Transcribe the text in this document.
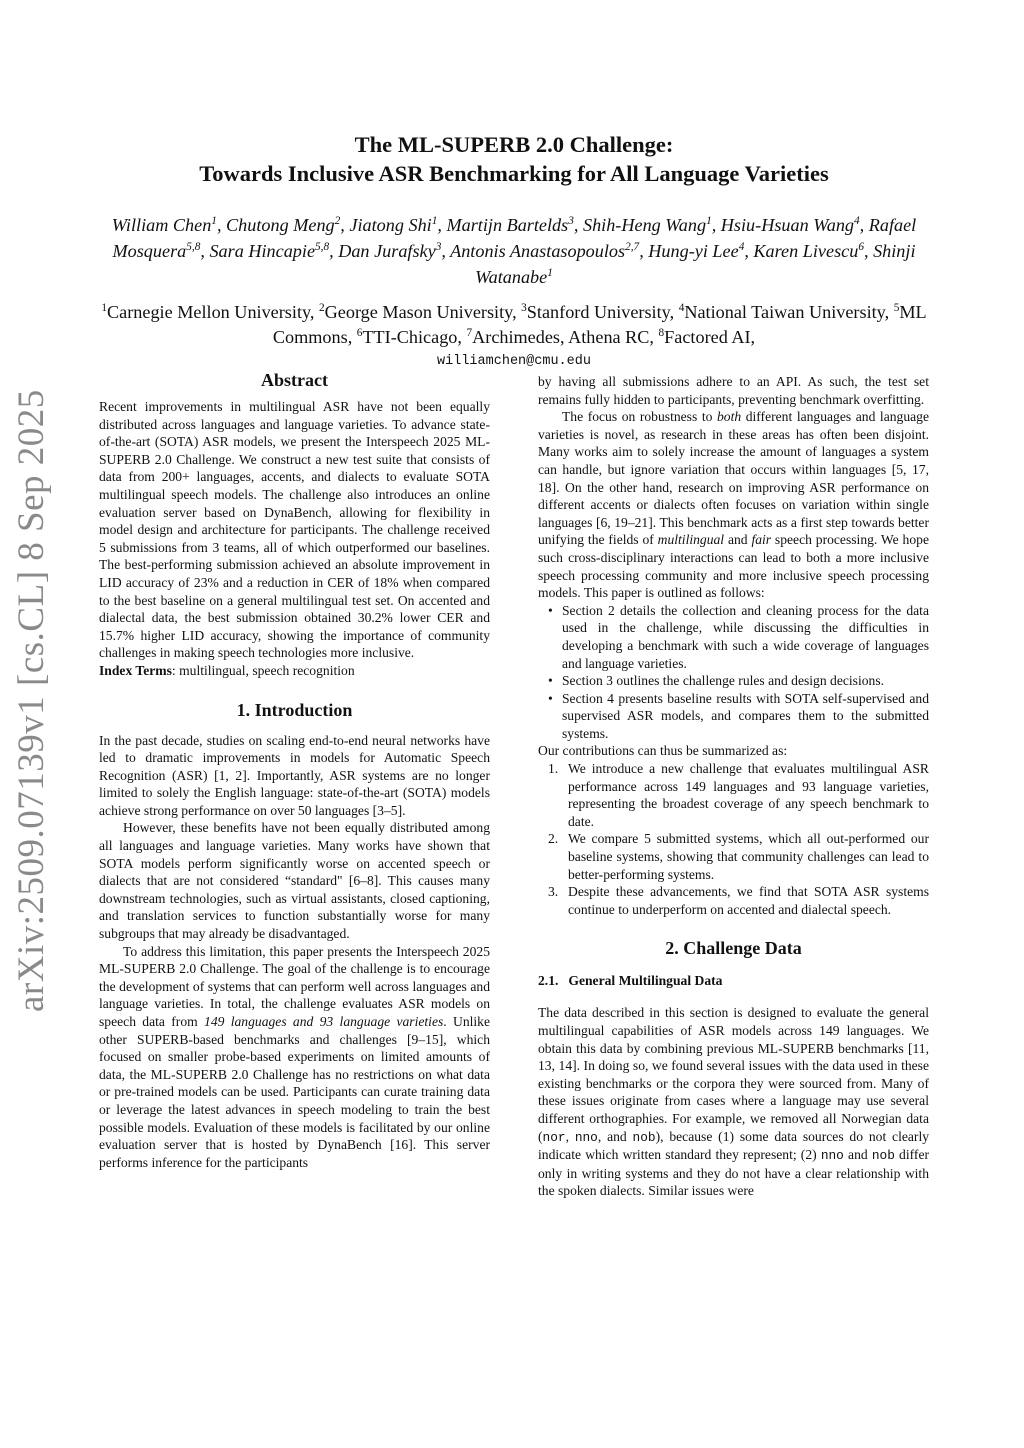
arXiv:2509.07139v1 [cs.CL] 8 Sep 2025
The ML-SUPERB 2.0 Challenge:
Towards Inclusive ASR Benchmarking for All Language Varieties
William Chen$^1$, Chutong Meng$^2$, Jiatong Shi$^1$, Martijn Bartelds$^3$, Shih-Heng Wang$^1$, Hsiu-Hsuan Wang$^4$, Rafael Mosquera$^{5,8}$, Sara Hincapie$^{5,8}$, Dan Jurafsky$^3$, Antonis Anastasopoulos$^{2,7}$, Hung-yi Lee$^4$, Karen Livescu$^6$, Shinji Watanabe$^1$
$^1$Carnegie Mellon University, $^2$George Mason University, $^3$Stanford University, $^4$National Taiwan University, $^5$ML Commons, $^6$TTI-Chicago, $^7$Archimedes, Athena RC, $^8$Factored AI,
williamchen@cmu.edu
Abstract

Recent improvements in multilingual ASR have not been equally distributed across languages and language varieties. To advance state-of-the-art (SOTA) ASR models, we present the Interspeech 2025 ML-SUPERB 2.0 Challenge. We construct a new test suite that consists of data from 200+ languages, accents, and dialects to evaluate SOTA multilingual speech models. The challenge also introduces an online evaluation server based on DynaBench, allowing for flexibility in model design and architecture for participants. The challenge received 5 submissions from 3 teams, all of which outperformed our baselines. The best-performing submission achieved an absolute improvement in LID accuracy of 23% and a reduction in CER of 18% when compared to the best baseline on a general multilingual test set. On accented and dialectal data, the best submission obtained 30.2% lower CER and 15.7% higher LID accuracy, showing the importance of community challenges in making speech technologies more inclusive.

Index Terms: multilingual, speech recognition

1. Introduction

In the past decade, studies on scaling end-to-end neural networks have led to dramatic improvements in models for Automatic Speech Recognition (ASR) [1, 2]. Importantly, ASR systems are no longer limited to solely the English language: state-of-the-art (SOTA) models achieve strong performance on over 50 languages [3–5].

However, these benefits have not been equally distributed among all languages and language varieties. Many works have shown that SOTA models perform significantly worse on accented speech or dialects that are not considered “standard" [6–8]. This causes many downstream technologies, such as virtual assistants, closed captioning, and translation services to function substantially worse for many subgroups that may already be disadvantaged.

To address this limitation, this paper presents the Interspeech 2025 ML-SUPERB 2.0 Challenge. The goal of the challenge is to encourage the development of systems that can perform well across languages and language varieties. In total, the challenge evaluates ASR models on speech data from 149 languages and 93 language varieties. Unlike other SUPERB-based benchmarks and challenges [9–15], which focused on smaller probe-based experiments on limited amounts of data, the ML-SUPERB 2.0 Challenge has no restrictions on what data or pre-trained models can be used. Participants can curate training data or leverage the latest advances in speech modeling to train the best possible models. Evaluation of these models is facilitated by our online evaluation server that is hosted by DynaBench [16]. This server performs inference for the participants

by having all submissions adhere to an API. As such, the test set remains fully hidden to participants, preventing benchmark overfitting.

The focus on robustness to both different languages and language varieties is novel, as research in these areas has often been disjoint. Many works aim to solely increase the amount of languages a system can handle, but ignore variation that occurs within languages [5, 17, 18]. On the other hand, research on improving ASR performance on different accents or dialects often focuses on variation within single languages [6, 19–21]. This benchmark acts as a first step towards better unifying the fields of multilingual and fair speech processing. We hope such cross-disciplinary interactions can lead to both a more inclusive speech processing community and more inclusive speech processing models. This paper is outlined as follows:

• Section 2 details the collection and cleaning process for the data used in the challenge, while discussing the difficulties in developing a benchmark with such a wide coverage of languages and language varieties.
• Section 3 outlines the challenge rules and design decisions.
• Section 4 presents baseline results with SOTA self-supervised and supervised ASR models, and compares them to the submitted systems.

Our contributions can thus be summarized as:

1. We introduce a new challenge that evaluates multilingual ASR performance across 149 languages and 93 language varieties, representing the broadest coverage of any speech benchmark to date.
2. We compare 5 submitted systems, which all out-performed our baseline systems, showing that community challenges can lead to better-performing systems.
3. Despite these advancements, we find that SOTA ASR systems continue to underperform on accented and dialectal speech.
2. Challenge Data
2.1. General Multilingual Data

The data described in this section is designed to evaluate the general multilingual capabilities of ASR models across 149 languages. We obtain this data by combining previous ML-SUPERB benchmarks [11, 13, 14]. In doing so, we found several issues with the data used in these existing benchmarks or the corpora they were sourced from. Many of these issues originate from cases where a language may use several different orthographies. For example, we removed all Norwegian data (nor, nno, and nob), because (1) some data sources do not clearly indicate which written standard they represent; (2) nno and nob differ only in writing systems and they do not have a clear relationship with the spoken dialects. Similar issues were
